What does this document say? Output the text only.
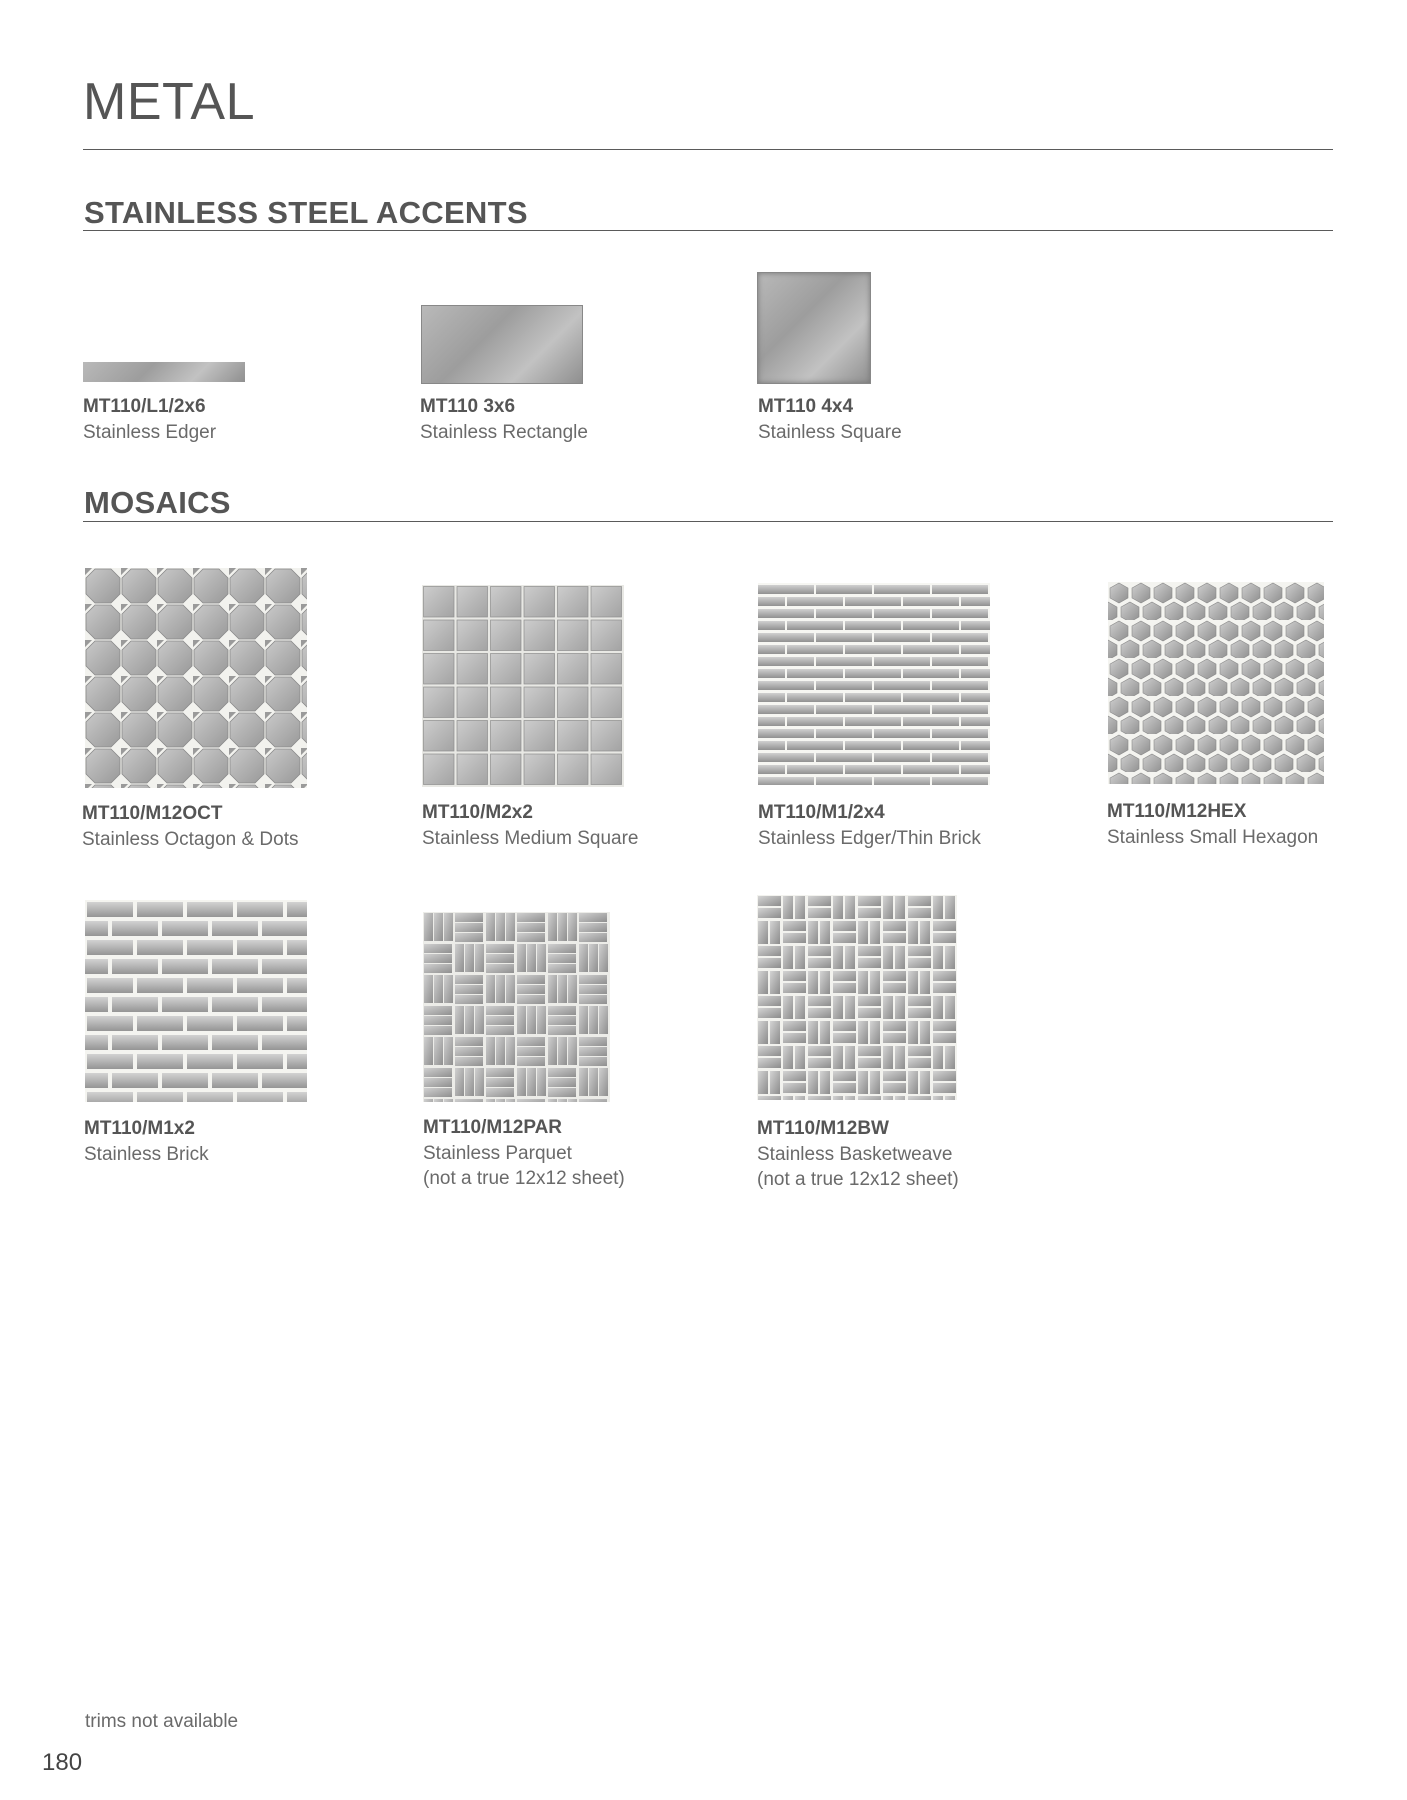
METAL
STAINLESS STEEL ACCENTS
MT110/L1/2x6
Stainless Edger
MT110 3x6
Stainless Rectangle
MT110 4x4
Stainless Square
MOSAICS
MT110/M12OCT
Stainless Octagon & Dots
MT110/M2x2
Stainless Medium Square
MT110/M1/2x4
Stainless Edger/Thin Brick
MT110/M12HEX
Stainless Small Hexagon
MT110/M1x2
Stainless Brick
MT110/M12PAR
Stainless Parquet
(not a true 12x12 sheet)
MT110/M12BW
Stainless Basketweave
(not a true 12x12 sheet)
trims not available
180
